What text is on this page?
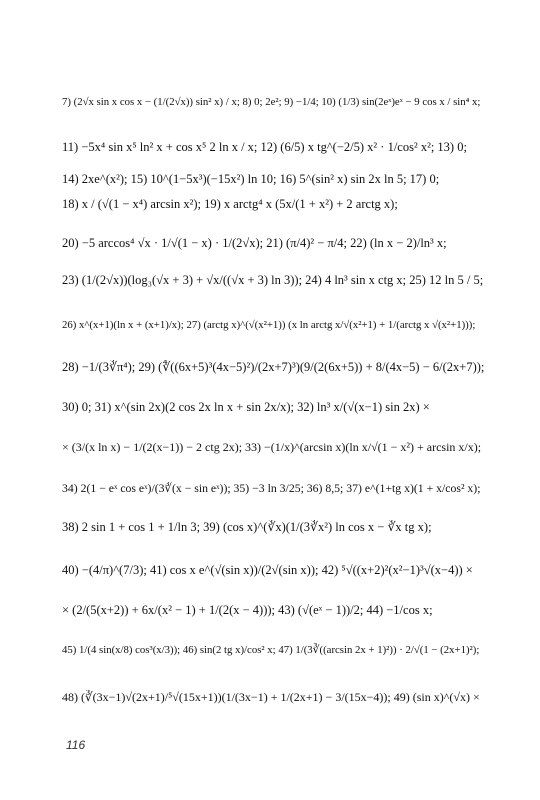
7) (2√x sin x cos x − (1/(2√x)) sin² x) / x; 8) 0; 2e²; 9) −1/4; 10) (1/3) sin(2eˣ)eˣ − 9 cos x / sin⁴ x;
11) −5x⁴ sin x⁵ ln² x + cos x⁵ 2 ln x / x; 12) (6/5) x tg^(−2/5) x² · 1/cos² x²; 13) 0;
14) 2xe^(x²); 15) 10^(1−5x³)(−15x²) ln 10; 16) 5^(sin² x) sin 2x ln 5; 17) 0;
18) x / (√(1 − x⁴) arcsin x²); 19) x arctg⁴ x (5x/(1 + x²) + 2 arctg x);
20) −5 arccos⁴ √x · 1/√(1 − x) · 1/(2√x); 21) (π/4)² − π/4; 22) (ln x − 2)/ln³ x;
23) (1/(2√x))(log₃(√x + 3) + √x/((√x + 3) ln 3)); 24) 4 ln³ sin x ctg x; 25) 12 ln 5 / 5;
26) x^(x+1)(ln x + (x+1)/x); 27) (arctg x)^(√(x²+1)) (x ln arctg x/√(x²+1) + 1/(arctg x √(x²+1)));
28) −1/(3∛π⁴); 29) (∜((6x+5)³(4x−5)²)/(2x+7)³)(9/(2(6x+5)) + 8/(4x−5) − 6/(2x+7));
30) 0; 31) x^(sin 2x)(2 cos 2x ln x + sin 2x/x); 32) ln³ x/(√(x−1) sin 2x) ×
× (3/(x ln x) − 1/(2(x−1)) − 2 ctg 2x); 33) −(1/x)^(arcsin x)(ln x/√(1 − x²) + arcsin x/x);
34) 2(1 − eˣ cos eˣ)/(3∛(x − sin eˣ)); 35) −3 ln 3/25; 36) 8,5; 37) e^(1+tg x)(1 + x/cos² x);
38) 2 sin 1 + cos 1 + 1/ln 3; 39) (cos x)^(∛x)(1/(3∛x²) ln cos x − ∛x tg x);
40) −(4/π)^(7/3); 41) cos x e^(√(sin x))/(2√(sin x)); 42) ⁵√((x+2)²(x²−1)³√(x−4)) ×
× (2/(5(x+2)) + 6x/(x² − 1) + 1/(2(x − 4))); 43) (√(eˣ − 1))/2; 44) −1/cos x;
45) 1/(4 sin(x/8) cos³(x/3)); 46) sin(2 tg x)/cos² x; 47) 1/(3∛((arcsin 2x + 1)²)) · 2/√(1 − (2x+1)²);
48) (∛(3x−1)√(2x+1)/⁵√(15x+1))(1/(3x−1) + 1/(2x+1) − 3/(15x−4)); 49) (sin x)^(√x) ×
116
